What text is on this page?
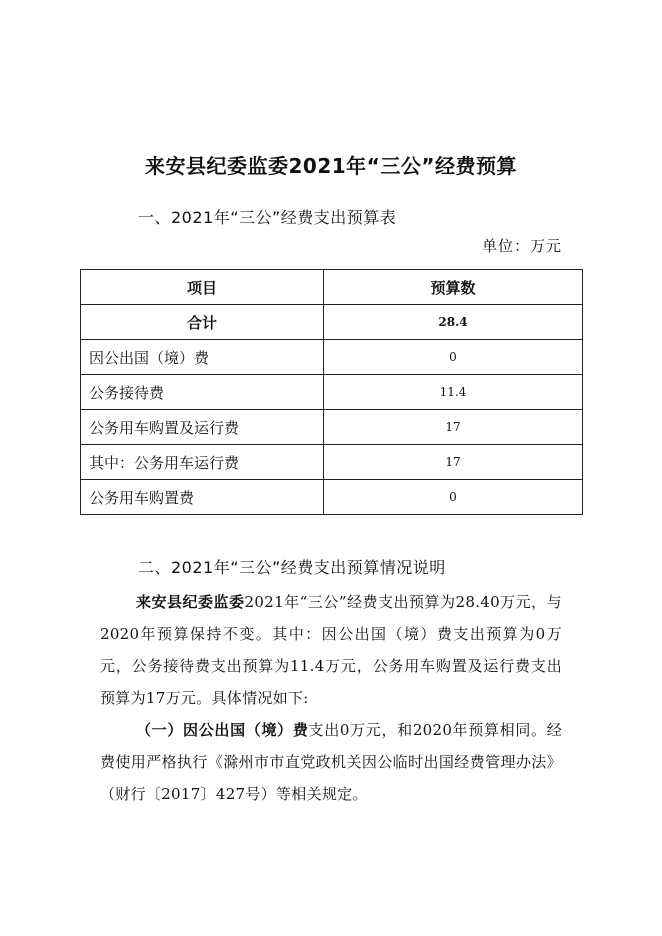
来安县纪委监委2021年“三公”经费预算
一、2021年“三公”经费支出预算表
单位：万元
项目	预算数
合计	28.4
因公出国（境）费	0
公务接待费	11.4
公务用车购置及运行费	17
其中：公务用车运行费	17
公务用车购置费	0
二、2021年“三公”经费支出预算情况说明
来安县纪委监委2021年“三公”经费支出预算为28.40万元，与2020年预算保持不变。其中：因公出国（境）费支出预算为0万元，公务接待费支出预算为11.4万元，公务用车购置及运行费支出预算为17万元。具体情况如下:
（一）因公出国（境）费支出0万元，和2020年预算相同。经费使用严格执行《滁州市市直党政机关因公临时出国经费管理办法》（财行〔2017〕427号）等相关规定。
